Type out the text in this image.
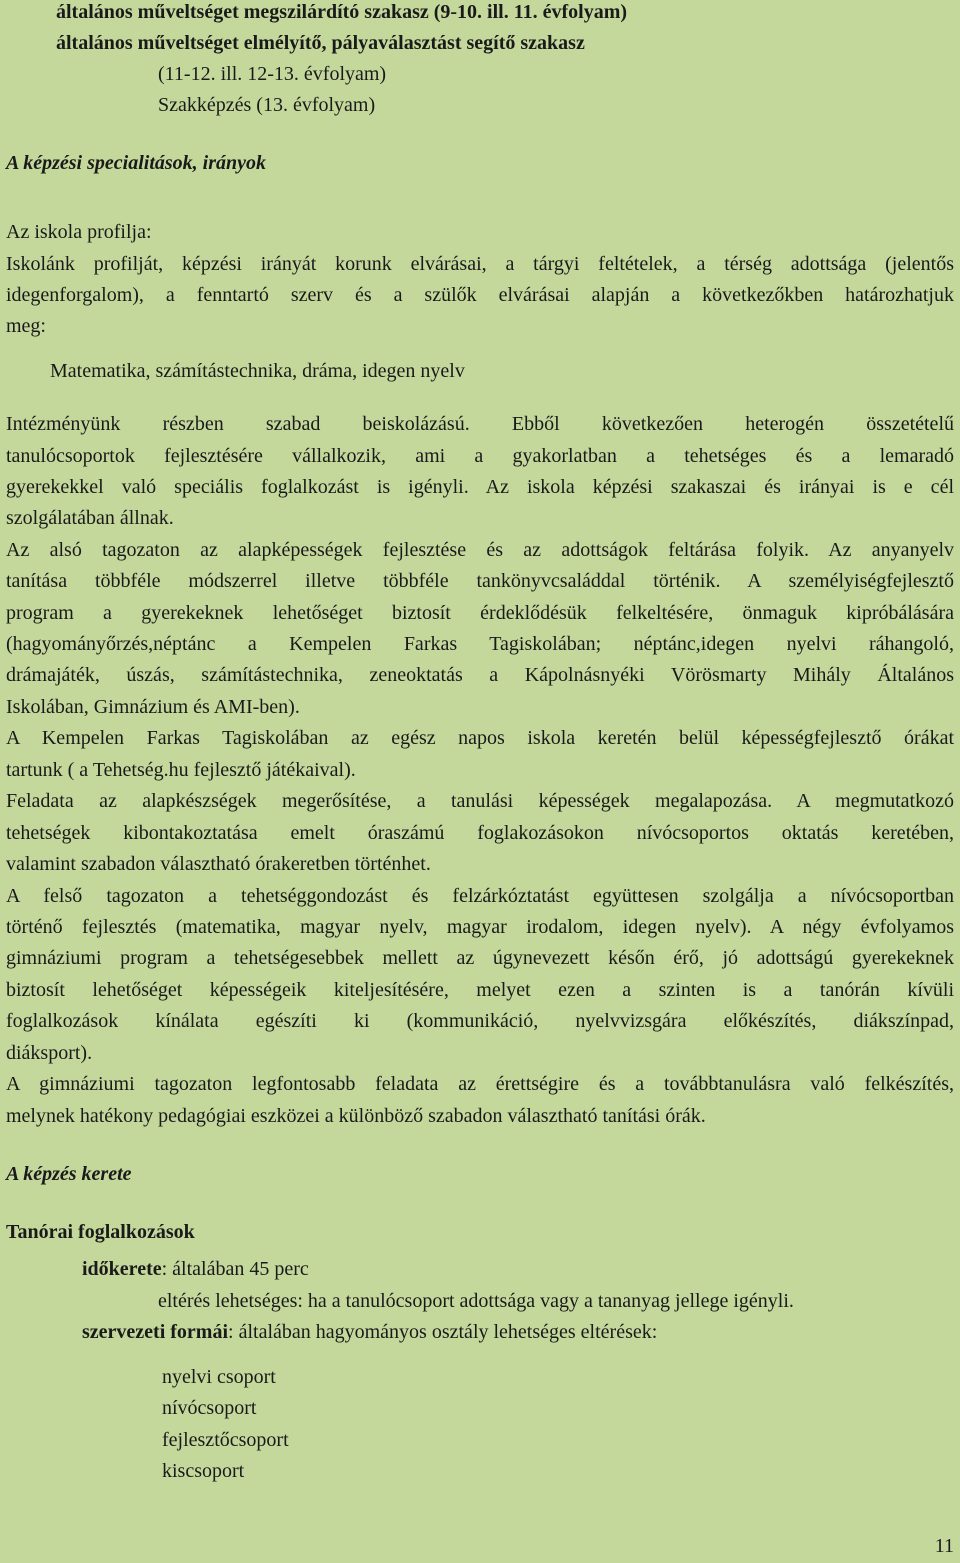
általános műveltséget megszilárdító szakasz (9-10. ill. 11. évfolyam)
általános műveltséget elmélyítő, pályaválasztást segítő szakasz
(11-12. ill. 12-13. évfolyam)
Szakképzés (13. évfolyam)
A képzési specialitások, irányok
Az iskola profilja:
Iskolánk profilját, képzési irányát korunk elvárásai, a tárgyi feltételek, a térség adottsága (jelentős
idegenforgalom), a fenntartó szerv és a szülők elvárásai alapján a következőkben határozhatjuk
meg:
Matematika, számítástechnika, dráma, idegen nyelv
Intézményünk részben szabad beiskolázású. Ebből következően heterogén összetételű
tanulócsoportok fejlesztésére vállalkozik, ami a gyakorlatban a tehetséges és a lemaradó
gyerekekkel való speciális foglalkozást is igényli. Az iskola képzési szakaszai és irányai is e cél
szolgálatában állnak.
Az alsó tagozaton az alapképességek fejlesztése és az adottságok feltárása folyik. Az anyanyelv
tanítása többféle módszerrel illetve többféle tankönyvcsaláddal történik. A személyiségfejlesztő
program a gyerekeknek lehetőséget biztosít érdeklődésük felkeltésére, önmaguk kipróbálására
(hagyományőrzés,néptánc a Kempelen Farkas Tagiskolában; néptánc,idegen nyelvi ráhangoló,
drámajáték, úszás, számítástechnika, zeneoktatás a Kápolnásnyéki Vörösmarty Mihály Általános
Iskolában, Gimnázium és AMI-ben).
A Kempelen Farkas Tagiskolában az egész napos iskola keretén belül képességfejlesztő órákat
tartunk ( a Tehetség.hu fejlesztő játékaival).
Feladata az alapkészségek megerősítése, a tanulási képességek megalapozása. A megmutatkozó
tehetségek kibontakoztatása emelt óraszámú foglakozásokon nívócsoportos oktatás keretében,
valamint szabadon választható órakeretben történhet.
A felső tagozaton a tehetséggondozást és felzárkóztatást együttesen szolgálja a nívócsoportban
történő fejlesztés (matematika, magyar nyelv, magyar irodalom, idegen nyelv). A négy évfolyamos
gimnáziumi program a tehetségesebbek mellett az úgynevezett későn érő, jó adottságú gyerekeknek
biztosít lehetőséget képességeik kiteljesítésére, melyet ezen a szinten is a tanórán kívüli
foglalkozások kínálata egészíti ki (kommunikáció, nyelvvizsgára előkészítés, diákszínpad,
diáksport).
A gimnáziumi tagozaton legfontosabb feladata az érettségire és a továbbtanulásra való felkészítés,
melynek hatékony pedagógiai eszközei a különböző szabadon választható tanítási órák.
A képzés kerete
Tanórai foglalkozások
időkerete: általában 45 perc
eltérés lehetséges: ha a tanulócsoport adottsága vagy a tananyag jellege igényli.
szervezeti formái: általában hagyományos osztály lehetséges eltérések:
nyelvi csoport
nívócsoport
fejlesztőcsoport
kiscsoport
11
